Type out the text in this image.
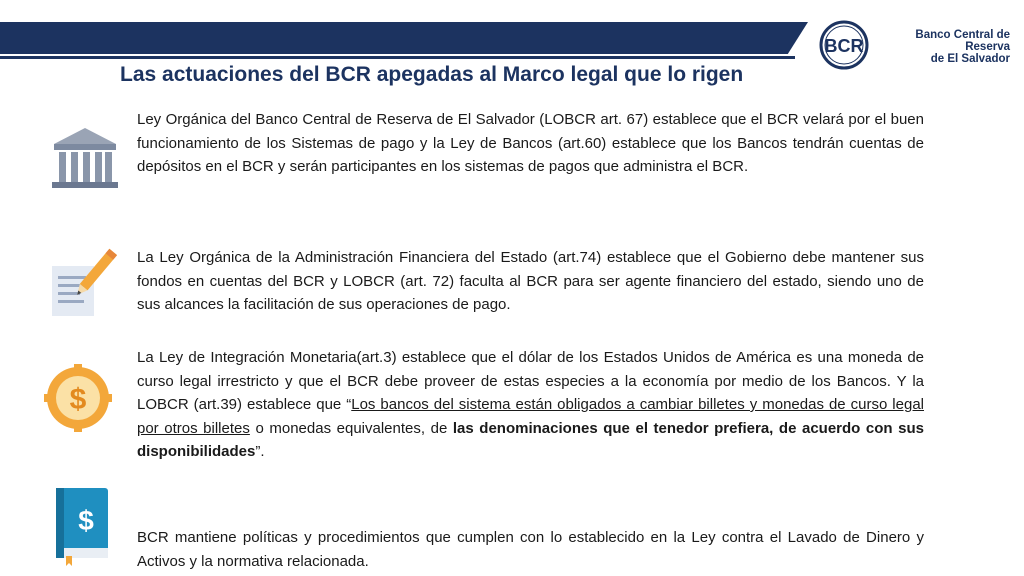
BCR
Banco Central de Reserva
de El Salvador
Las actuaciones del BCR apegadas al Marco legal que lo rigen

Ley Orgánica del Banco Central de Reserva de El Salvador (LOBCR art. 67) establece que el BCR velará por el buen funcionamiento de los Sistemas de pago y la Ley de Bancos (art.60) establece que los Bancos tendrán cuentas de depósitos en el BCR y serán participantes en los sistemas de pagos que administra el BCR.

La Ley Orgánica de la Administración Financiera del Estado (art.74) establece que el Gobierno debe mantener sus fondos en cuentas del BCR y LOBCR (art. 72) faculta al BCR para ser agente financiero del estado, siendo uno de sus alcances la facilitación de sus operaciones de pago.

$

La Ley de Integración Monetaria(art.3) establece que el dólar de los Estados Unidos de América es una moneda de curso legal irrestricto y que el BCR debe proveer de estas especies a la economía por medio de los Bancos. Y la LOBCR (art.39) establece que “Los bancos del sistema están obligados a cambiar billetes y monedas de curso legal por otros billetes o monedas equivalentes, de las denominaciones que el tenedor prefiera, de acuerdo con sus disponibilidades”.

$

BCR mantiene políticas y procedimientos que cumplen con lo establecido en la Ley contra el Lavado de Dinero y Activos y la normativa relacionada.
